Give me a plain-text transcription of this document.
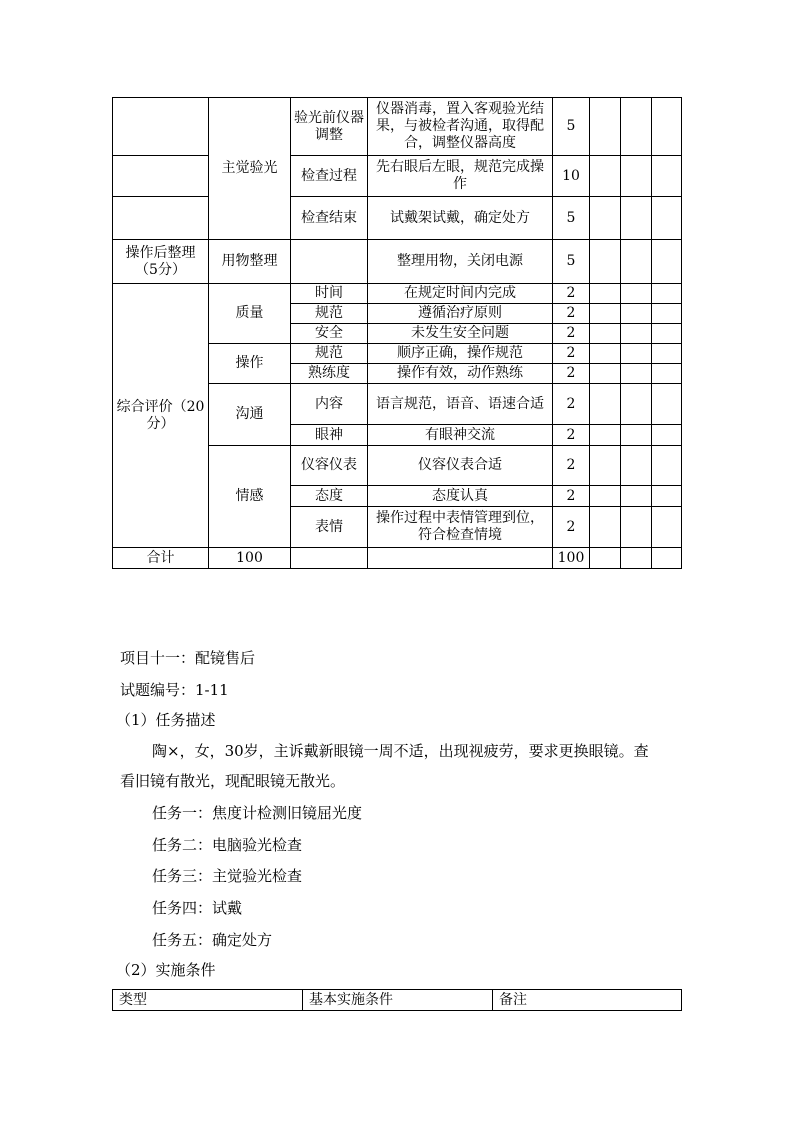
	主觉验光	验光前仪器调整	仪器消毒，置入客观验光结果，与被检者沟通，取得配合，调整仪器高度	5			
		检查过程	先右眼后左眼，规范完成操作	10			
		检查结束	试戴架试戴，确定处方	5			
操作后整理（5分）	用物整理		整理用物，关闭电源	5			
综合评价（20分）	质量	时间	在规定时间内完成	2			
		规范	遵循治疗原则	2			
		安全	未发生安全问题	2			
	操作	规范	顺序正确，操作规范	2			
		熟练度	操作有效，动作熟练	2			
	沟通	内容	语言规范，语音、语速合适	2			
		眼神	有眼神交流	2			
	情感	仪容仪表	仪容仪表合适	2			
		态度	态度认真	2			
		表情	操作过程中表情管理到位，符合检查情境	2			
合计	100			100			
项目十一：配镜售后
试题编号：1-11
（1）任务描述
陶×，女，30岁，主诉戴新眼镜一周不适，出现视疲劳，要求更换眼镜。查
看旧镜有散光，现配眼镜无散光。
任务一：焦度计检测旧镜屈光度
任务二：电脑验光检查
任务三：主觉验光检查
任务四：试戴
任务五：确定处方
（2）实施条件
类型	基本实施条件	备注
